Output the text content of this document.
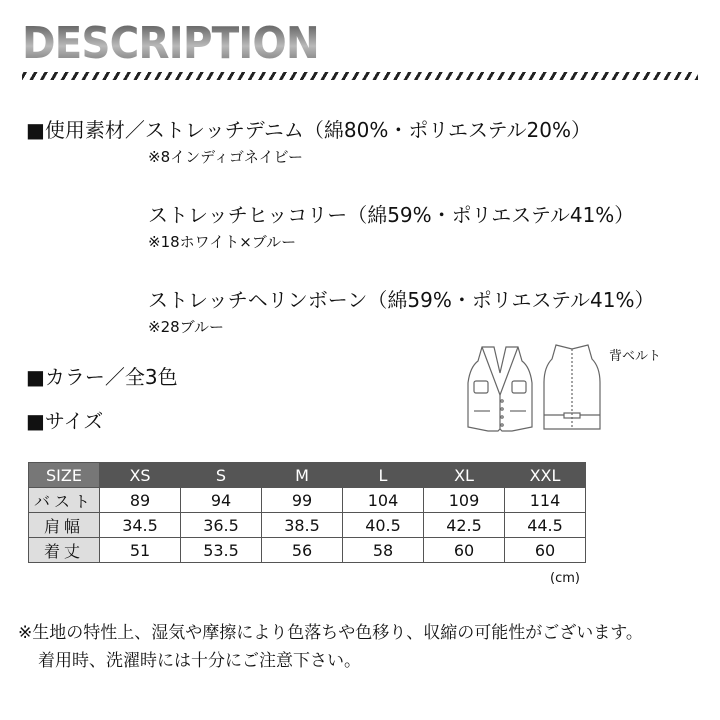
DESCRIPTION
■使用素材／ストレッチデニム（綿80%・ポリエステル20%）
※8インディゴネイビー
ストレッチヒッコリー（綿59%・ポリエステル41%）
※18ホワイト×ブルー
ストレッチヘリンボーン（綿59%・ポリエステル41%）
※28ブルー
■カラー／全3色
■サイズ
背ベルト
SIZE	XS	S	M	L	XL	XXL
バスト	89	94	99	104	109	114
肩幅	34.5	36.5	38.5	40.5	42.5	44.5
着丈	51	53.5	56	58	60	60
(cm)
※生地の特性上、湿気や摩擦により色落ちや色移り、収縮の可能性がございます。
着用時、洗濯時には十分にご注意下さい。
